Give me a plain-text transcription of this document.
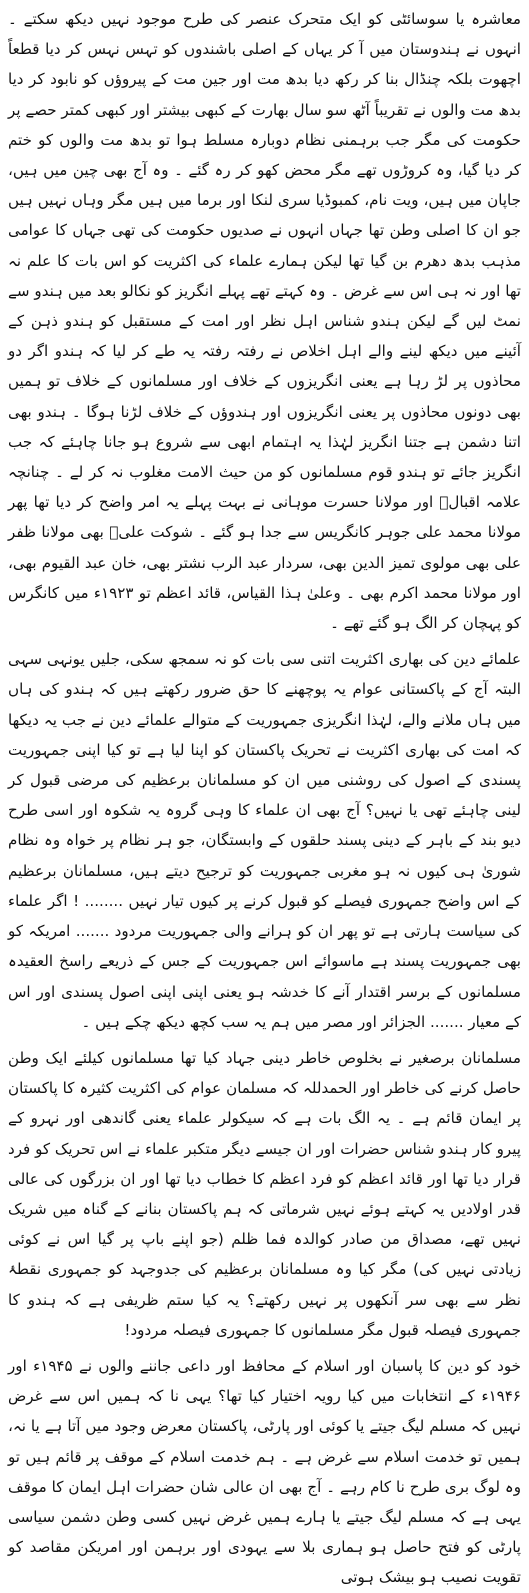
معاشرہ یا سوسائٹی کو ایک متحرک عنصر کی طرح موجود نہیں دیکھ سکتے ۔ انہوں نے ہندوستان میں آ کر یہاں کے اصلی باشندوں کو تہس نہس کر دیا قطعاً اچھوت بلکہ چنڈال بنا کر رکھ دیا بدھ مت اور جین مت کے پیروؤں کو نابود کر دیا بدھ مت والوں نے تقریباً آٹھ سو سال بھارت کے کبھی بیشتر اور کبھی کمتر حصے پر حکومت کی مگر جب برہمنی نظام دوبارہ مسلط ہوا تو بدھ مت والوں کو ختم کر دیا گیا، وہ کروڑوں تھے مگر محض کھو کر رہ گئے ۔ وہ آج بھی چین میں ہیں، جاپان میں ہیں، ویت نام، کمبوڈیا سری لنکا اور برما میں ہیں مگر وہاں نہیں ہیں جو ان کا اصلی وطن تھا جہاں انہوں نے صدیوں حکومت کی تھی جہاں کا عوامی مذہب بدھ دھرم بن گیا تھا لیکن ہمارے علماء کی اکثریت کو اس بات کا علم نہ تھا اور نہ ہی اس سے غرض ۔ وہ کہتے تھے پہلے انگریز کو نکالو بعد میں ہندو سے نمٹ لیں گے لیکن ہندو شناس اہل نظر اور امت کے مستقبل کو ہندو ذہن کے آئینے میں دیکھ لینے والے اہل اخلاص نے رفتہ رفتہ یہ طے کر لیا کہ ہندو اگر دو محاذوں پر لڑ رہا ہے یعنی انگریزوں کے خلاف اور مسلمانوں کے خلاف تو ہمیں بھی دونوں محاذوں پر یعنی انگریزوں اور ہندوؤں کے خلاف لڑنا ہوگا ۔ ہندو بھی اتنا دشمن ہے جتنا انگریز لہٰذا یہ اہتمام ابھی سے شروع ہو جانا چاہئے کہ جب انگریز جائے تو ہندو قوم مسلمانوں کو من حیث الامت مغلوب نہ کر لے ۔ چنانچہ علامہ اقبالؒ اور مولانا حسرت موہانی نے بہت پہلے یہ امر واضح کر دیا تھا پھر مولانا محمد علی جوہر کانگریس سے جدا ہو گئے ۔ شوکت علیؒ بھی مولانا ظفر علی بھی مولوی تمیز الدین بھی، سردار عبد الرب نشتر بھی، خان عبد القیوم بھی، اور مولانا محمد اکرم بھی ۔ وعلیٰ ہذا القیاس، قائد اعظم تو ۱۹۲۳ء میں کانگرس کو پہچان کر الگ ہو گئے تھے ۔

علمائے دین کی بھاری اکثریت اتنی سی بات کو نہ سمجھ سکی، جلیں یونہی سہی البتہ آج کے پاکستانی عوام یہ پوچھنے کا حق ضرور رکھتے ہیں کہ ہندو کی ہاں میں ہاں ملانے والے، لہٰذا انگریزی جمہوریت کے متوالے علمائے دین نے جب یہ دیکھا کہ امت کی بھاری اکثریت نے تحریک پاکستان کو اپنا لیا ہے تو کیا اپنی جمہوریت پسندی کے اصول کی روشنی میں ان کو مسلمانان برعظیم کی مرضی قبول کر لینی چاہئے تھی یا نہیں؟ آج بھی ان علماء کا وہی گروہ یہ شکوہ اور اسی طرح دیو بند کے باہر کے دینی پسند حلقوں کے وابستگان، جو ہر نظام پر خواہ وہ نظام شوریٰ ہی کیوں نہ ہو مغربی جمہوریت کو ترجیح دیتے ہیں، مسلمانان برعظیم کے اس واضح جمہوری فیصلے کو قبول کرنے پر کیوں تیار نہیں ........ ! اگر علماء کی سیاست ہارتی ہے تو پھر ان کو ہرانے والی جمہوریت مردود ....... امریکہ کو بھی جمہوریت پسند ہے ماسوائے اس جمہوریت کے جس کے ذریعے راسخ العقیدہ مسلمانوں کے برسر اقتدار آنے کا خدشہ ہو یعنی اپنی اپنی اصول پسندی اور اس کے معیار ....... الجزائر اور مصر میں ہم یہ سب کچھ دیکھ چکے ہیں ۔

مسلمانان برصغیر نے بخلوص خاطر دینی جہاد کیا تھا مسلمانوں کیلئے ایک وطن حاصل کرنے کی خاطر اور الحمدللہ کہ مسلمان عوام کی اکثریت کثیرہ کا پاکستان پر ایمان قائم ہے ۔ یہ الگ بات ہے کہ سیکولر علماء یعنی گاندھی اور نہرو کے پیرو کار ہندو شناس حضرات اور ان جیسے دیگر متکبر علماء نے اس تحریک کو فرد قرار دیا تھا اور قائد اعظم کو فرد اعظم کا خطاب دیا تھا اور ان بزرگوں کی عالی قدر اولادیں یہ کہتے ہوئے نہیں شرماتی کہ ہم پاکستان بنانے کے گناہ میں شریک نہیں تھے، مصداق من صادر کوالدہ فما ظلم (جو اپنے باپ پر گیا اس نے کوئی زیادتی نہیں کی) مگر کیا وہ مسلمانان برعظیم کی جدوجہد کو جمہوری نقطۂ نظر سے بھی سر آنکھوں پر نہیں رکھتے؟ یہ کیا ستم ظریفی ہے کہ ہندو کا جمہوری فیصلہ قبول مگر مسلمانوں کا جمہوری فیصلہ مردود!

خود کو دین کا پاسبان اور اسلام کے محافظ اور داعی جاننے والوں نے ۱۹۴۵ء اور ۱۹۴۶ء کے انتخابات میں کیا رویہ اختیار کیا تھا؟ یہی نا کہ ہمیں اس سے غرض نہیں کہ مسلم لیگ جیتے یا کوئی اور پارٹی، پاکستان معرض وجود میں آتا ہے یا نہ، ہمیں تو خدمت اسلام سے غرض ہے ۔ ہم خدمت اسلام کے موقف پر قائم ہیں تو وہ لوگ بری طرح نا کام رہے ۔ آج بھی ان عالی شان حضرات اہل ایمان کا موقف یہی ہے کہ مسلم لیگ جیتے یا ہارے ہمیں غرض نہیں کسی وطن دشمن سیاسی پارٹی کو فتح حاصل ہو ہماری بلا سے یہودی اور برہمن اور امریکن مقاصد کو تقویت نصیب ہو بیشک ہوتی
